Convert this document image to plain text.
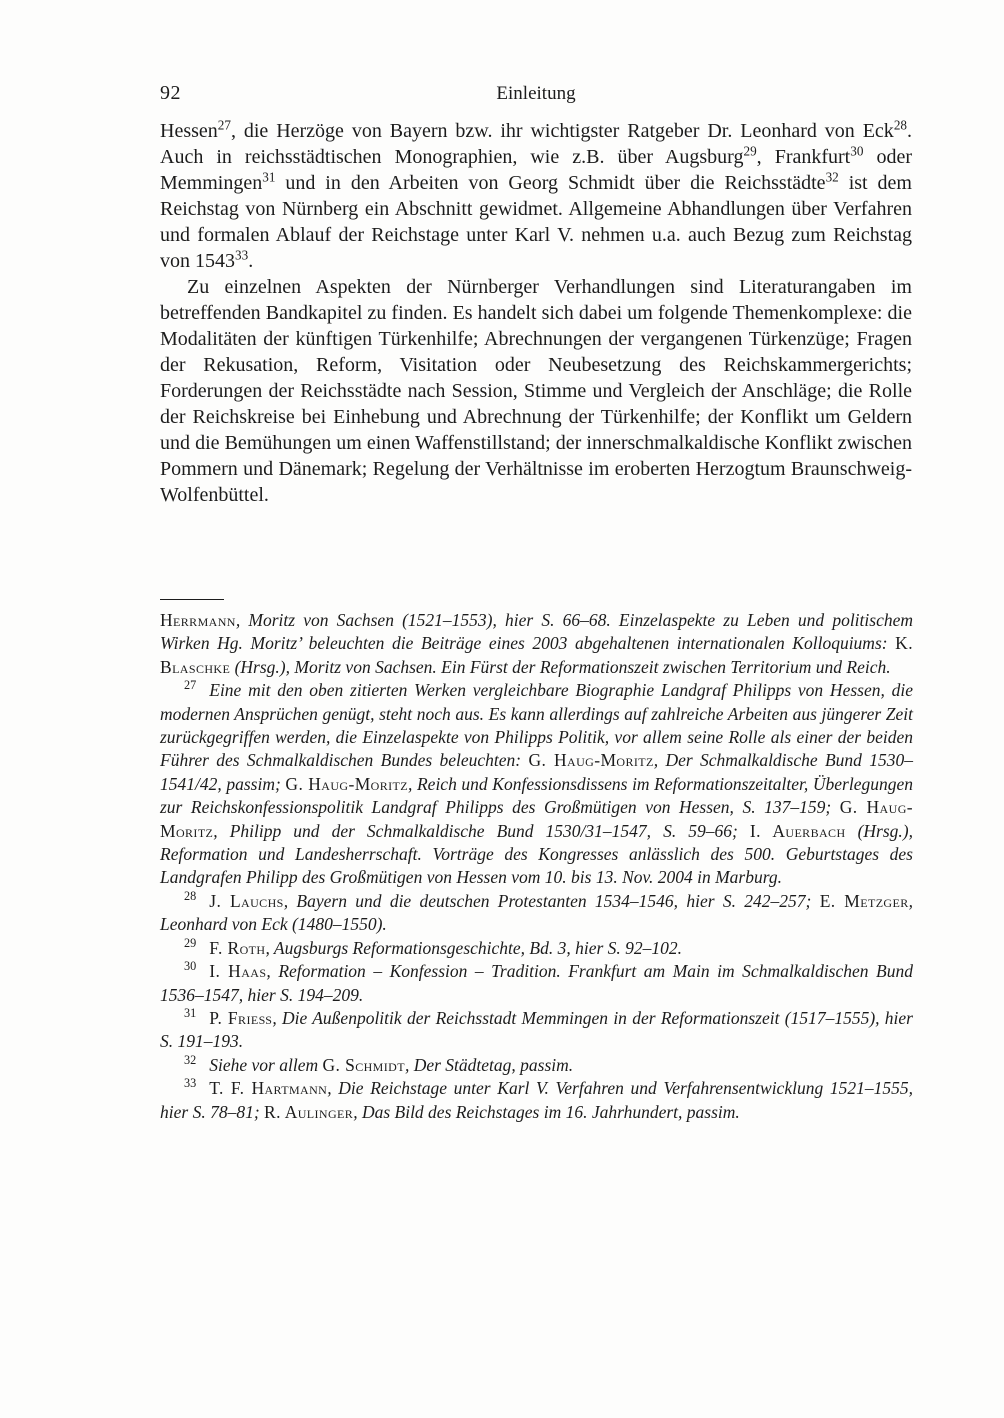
92	Einleitung

Hessen$^{27}$, die Herzöge von Bayern bzw. ihr wichtigster Ratgeber Dr. Leonhard von Eck$^{28}$. Auch in reichsstädtischen Monographien, wie z.B. über Augsburg$^{29}$, Frankfurt$^{30}$ oder Memmingen$^{31}$ und in den Arbeiten von Georg Schmidt über die Reichsstädte$^{32}$ ist dem Reichstag von Nürnberg ein Abschnitt gewidmet. Allgemeine Abhandlungen über Verfahren und formalen Ablauf der Reichstage unter Karl V. nehmen u.a. auch Bezug zum Reichstag von 1543$^{33}$.

Zu einzelnen Aspekten der Nürnberger Verhandlungen sind Literaturangaben im betreffenden Bandkapitel zu finden. Es handelt sich dabei um folgende Themenkomplexe: die Modalitäten der künftigen Türkenhilfe; Abrechnungen der vergangenen Türkenzüge; Fragen der Rekusation, Reform, Visitation oder Neubesetzung des Reichskammergerichts; Forderungen der Reichsstädte nach Session, Stimme und Vergleich der Anschläge; die Rolle der Reichskreise bei Einhebung und Abrechnung der Türkenhilfe; der Konflikt um Geldern und die Bemühungen um einen Waffenstillstand; der innerschmalkaldische Konflikt zwischen Pommern und Dänemark; Regelung der Verhältnisse im eroberten Herzogtum Braunschweig-Wolfenbüttel.

Herrmann, Moritz von Sachsen (1521–1553), hier S. 66–68. Einzelaspekte zu Leben und politischem Wirken Hg. Moritz’ beleuchten die Beiträge eines 2003 abgehaltenen internationalen Kolloquiums: K. Blaschke (Hrsg.), Moritz von Sachsen. Ein Fürst der Reformationszeit zwischen Territorium und Reich.

$^{27}$ Eine mit den oben zitierten Werken vergleichbare Biographie Landgraf Philipps von Hessen, die modernen Ansprüchen genügt, steht noch aus. Es kann allerdings auf zahlreiche Arbeiten aus jüngerer Zeit zurückgegriffen werden, die Einzelaspekte von Philipps Politik, vor allem seine Rolle als einer der beiden Führer des Schmalkaldischen Bundes beleuchten: G. Haug-Moritz, Der Schmalkaldische Bund 1530–1541/42, passim; G. Haug-Moritz, Reich und Konfessionsdissens im Reformationszeitalter, Überlegungen zur Reichskonfessionspolitik Landgraf Philipps des Großmütigen von Hessen, S. 137–159; G. Haug-Moritz, Philipp und der Schmalkaldische Bund 1530/31–1547, S. 59–66; I. Auerbach (Hrsg.), Reformation und Landesherrschaft. Vorträge des Kongresses anlässlich des 500. Geburtstages des Landgrafen Philipp des Großmütigen von Hessen vom 10. bis 13. Nov. 2004 in Marburg.

$^{28}$ J. Lauchs, Bayern und die deutschen Protestanten 1534–1546, hier S. 242–257; E. Metzger, Leonhard von Eck (1480–1550).

$^{29}$ F. Roth, Augsburgs Reformationsgeschichte, Bd. 3, hier S. 92–102.

$^{30}$ I. Haas, Reformation – Konfession – Tradition. Frankfurt am Main im Schmalkaldischen Bund 1536–1547, hier S. 194–209.

$^{31}$ P. Frieß, Die Außenpolitik der Reichsstadt Memmingen in der Reformationszeit (1517–1555), hier S. 191–193.

$^{32}$ Siehe vor allem G. Schmidt, Der Städtetag, passim.

$^{33}$ T. F. Hartmann, Die Reichstage unter Karl V. Verfahren und Verfahrensentwicklung 1521–1555, hier S. 78–81; R. Aulinger, Das Bild des Reichstages im 16. Jahrhundert, passim.
